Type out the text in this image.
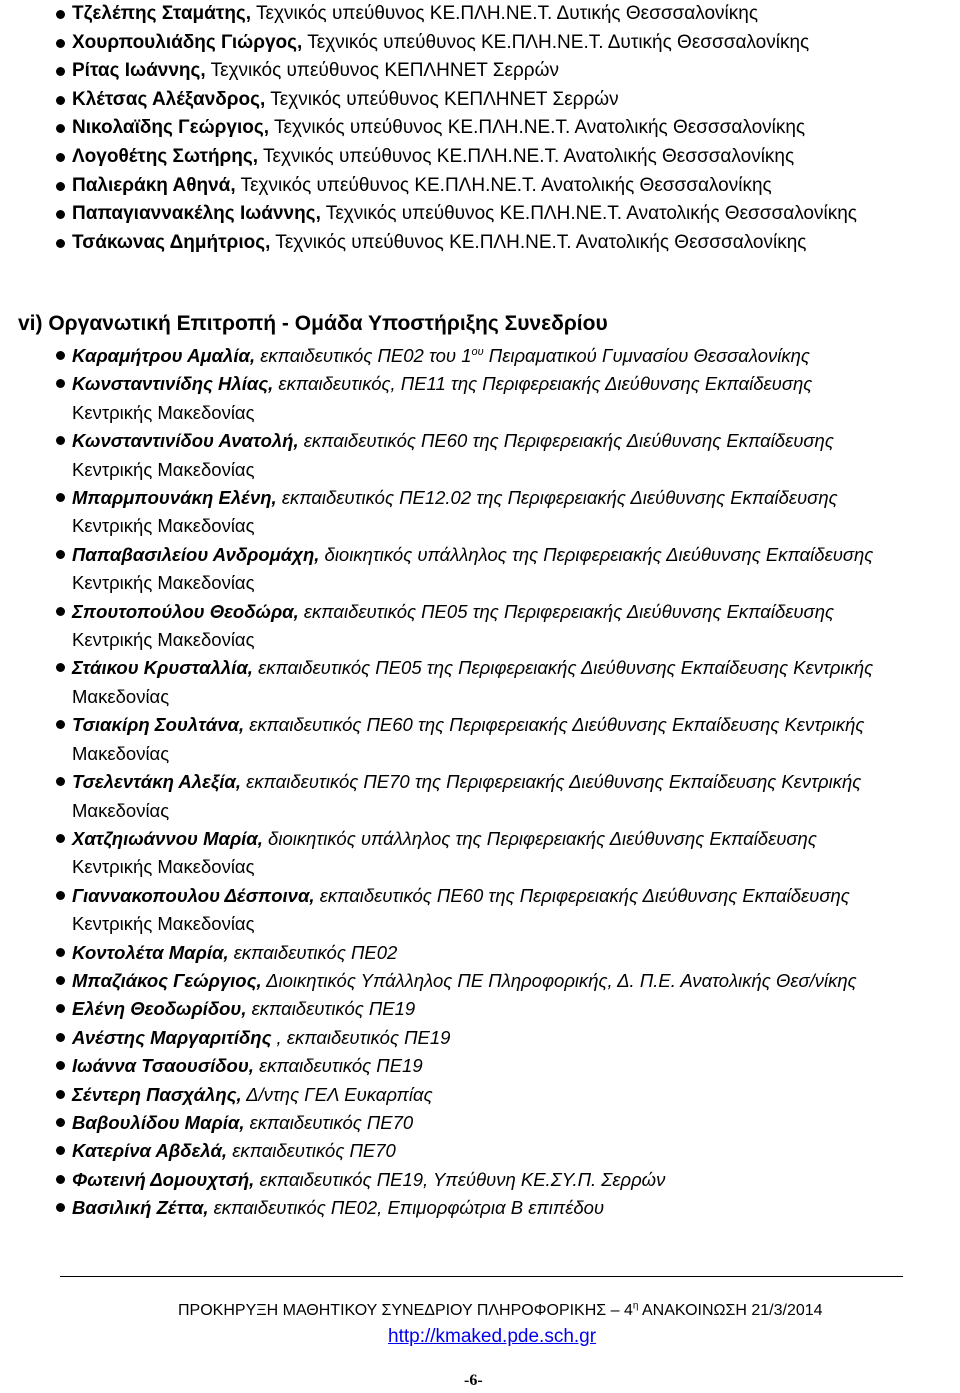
Τζελέπης Σταμάτης, Τεχνικός υπεύθυνος ΚΕ.ΠΛΗ.ΝΕ.Τ. Δυτικής Θεσσσαλονίκης
Χουρπουλιάδης Γιώργος, Τεχνικός υπεύθυνος ΚΕ.ΠΛΗ.ΝΕ.Τ. Δυτικής Θεσσσαλονίκης
Ρίτας Ιωάννης, Τεχνικός υπεύθυνος ΚΕΠΛΗΝΕΤ Σερρών
Κλέτσας Αλέξανδρος, Τεχνικός υπεύθυνος ΚΕΠΛΗΝΕΤ Σερρών
Νικολαϊδης Γεώργιος, Τεχνικός υπεύθυνος ΚΕ.ΠΛΗ.ΝΕ.Τ. Ανατολικής Θεσσσαλονίκης
Λογοθέτης Σωτήρης, Τεχνικός υπεύθυνος ΚΕ.ΠΛΗ.ΝΕ.Τ. Ανατολικής Θεσσσαλονίκης
Παλιεράκη Αθηνά, Τεχνικός υπεύθυνος ΚΕ.ΠΛΗ.ΝΕ.Τ. Ανατολικής Θεσσσαλονίκης
Παπαγιαννακέλης Ιωάννης, Τεχνικός υπεύθυνος ΚΕ.ΠΛΗ.ΝΕ.Τ. Ανατολικής Θεσσσαλονίκης
Τσάκωνας Δημήτριος, Τεχνικός υπεύθυνος ΚΕ.ΠΛΗ.ΝΕ.Τ. Ανατολικής Θεσσσαλονίκης
vi) Οργανωτική Επιτροπή - Ομάδα Υποστήριξης Συνεδρίου
Καραμήτρου Αμαλία, εκπαιδευτικός ΠΕ02 του $1^{o\upsilon}$ Πειραματικού Γυμνασίου Θεσσαλονίκης
Κωνσταντινίδης Ηλίας, εκπαιδευτικός, ΠΕ11 της Περιφερειακής Διεύθυνσης Εκπαίδευσης
Κεντρικής Μακεδονίας
Κωνσταντινίδου Ανατολή, εκπαιδευτικός ΠΕ60 της Περιφερειακής Διεύθυνσης Εκπαίδευσης
Κεντρικής Μακεδονίας
Μπαρμπουνάκη Ελένη, εκπαιδευτικός ΠΕ12.02 της Περιφερειακής Διεύθυνσης Εκπαίδευσης
Κεντρικής Μακεδονίας
Παπαβασιλείου Ανδρομάχη, διοικητικός υπάλληλος της Περιφερειακής Διεύθυνσης Εκπαίδευσης
Κεντρικής Μακεδονίας
Σπουτοπούλου Θεοδώρα, εκπαιδευτικός ΠΕ05 της Περιφερειακής Διεύθυνσης Εκπαίδευσης
Κεντρικής Μακεδονίας
Στάικου Κρυσταλλία, εκπαιδευτικός ΠΕ05 της Περιφερειακής Διεύθυνσης Εκπαίδευσης Κεντρικής
Μακεδονίας
Τσιακίρη Σουλτάνα, εκπαιδευτικός ΠΕ60 της Περιφερειακής Διεύθυνσης Εκπαίδευσης Κεντρικής
Μακεδονίας
Τσελεντάκη Αλεξία, εκπαιδευτικός ΠΕ70 της Περιφερειακής Διεύθυνσης Εκπαίδευσης Κεντρικής
Μακεδονίας
Χατζηιωάννου Μαρία, διοικητικός υπάλληλος της Περιφερειακής Διεύθυνσης Εκπαίδευσης
Κεντρικής Μακεδονίας
Γιαννακοπουλου Δέσποινα, εκπαιδευτικός ΠΕ60 της Περιφερειακής Διεύθυνσης Εκπαίδευσης
Κεντρικής Μακεδονίας
Κοντολέτα Μαρία, εκπαιδευτικός ΠΕ02
Μπαζιάκος Γεώργιος, Διοικητικός Υπάλληλος ΠΕ Πληροφορικής, Δ. Π.Ε. Ανατολικής Θεσ/νίκης
Ελένη Θεοδωρίδου, εκπαιδευτικός ΠΕ19
Ανέστης Μαργαριτίδης , εκπαιδευτικός ΠΕ19
Ιωάννα Τσαουσίδου, εκπαιδευτικός ΠΕ19
Σέντερη Πασχάλης, Δ/ντης ΓΕΛ Ευκαρπίας
Βαβουλίδου Μαρία, εκπαιδευτικός ΠΕ70
Κατερίνα Αβδελά, εκπαιδευτικός ΠΕ70
Φωτεινή Δομουχτσή, εκπαιδευτικός ΠΕ19, Υπεύθυνη ΚΕ.ΣΥ.Π. Σερρών
Βασιλική Ζέττα, εκπαιδευτικός ΠΕ02, Επιμορφώτρια Β επιπέδου
ΠΡΟΚΗΡΥΞΗ ΜΑΘΗΤΙΚΟΥ ΣΥΝΕΔΡΙΟΥ ΠΛΗΡΟΦΟΡΙΚΗΣ – $4^\eta$ ΑΝΑΚΟΙΝΩΣΗ 21/3/2014
http://kmaked.pde.sch.gr
-6-
